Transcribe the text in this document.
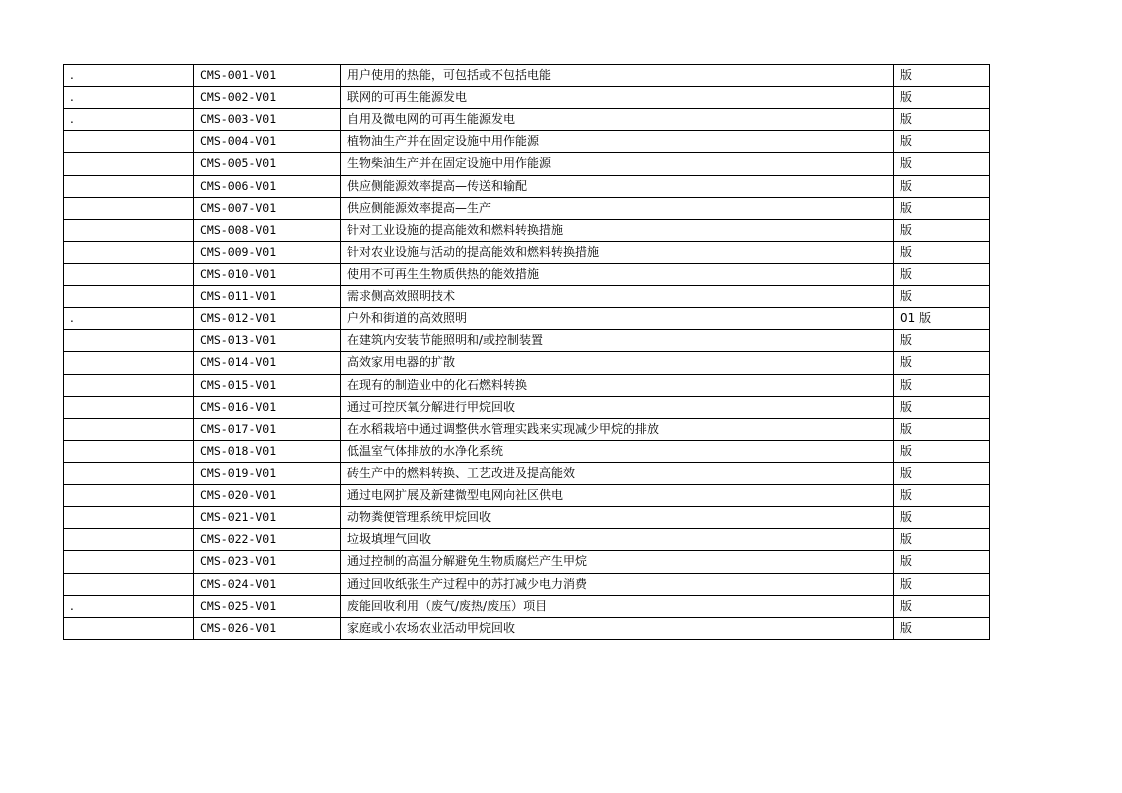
.	CMS-001-V01	用户使用的热能，可包括或不包括电能	版
.	CMS-002-V01	联网的可再生能源发电	版
.	CMS-003-V01	自用及微电网的可再生能源发电	版
	CMS-004-V01	植物油生产并在固定设施中用作能源	版
	CMS-005-V01	生物柴油生产并在固定设施中用作能源	版
	CMS-006-V01	供应侧能源效率提高—传送和输配	版
	CMS-007-V01	供应侧能源效率提高—生产	版
	CMS-008-V01	针对工业设施的提高能效和燃料转换措施	版
	CMS-009-V01	针对农业设施与活动的提高能效和燃料转换措施	版
	CMS-010-V01	使用不可再生生物质供热的能效措施	版
	CMS-011-V01	需求侧高效照明技术	版
.	CMS-012-V01	户外和街道的高效照明	01 版
	CMS-013-V01	在建筑内安装节能照明和/或控制装置	版
	CMS-014-V01	高效家用电器的扩散	版
	CMS-015-V01	在现有的制造业中的化石燃料转换	版
	CMS-016-V01	通过可控厌氧分解进行甲烷回收	版
	CMS-017-V01	在水稻栽培中通过调整供水管理实践来实现减少甲烷的排放	版
	CMS-018-V01	低温室气体排放的水净化系统	版
	CMS-019-V01	砖生产中的燃料转换、工艺改进及提高能效	版
	CMS-020-V01	通过电网扩展及新建微型电网向社区供电	版
	CMS-021-V01	动物粪便管理系统甲烷回收	版
	CMS-022-V01	垃圾填埋气回收	版
	CMS-023-V01	通过控制的高温分解避免生物质腐烂产生甲烷	版
	CMS-024-V01	通过回收纸张生产过程中的苏打减少电力消费	版
.	CMS-025-V01	废能回收利用（废气/废热/废压）项目	版
	CMS-026-V01	家庭或小农场农业活动甲烷回收	版
